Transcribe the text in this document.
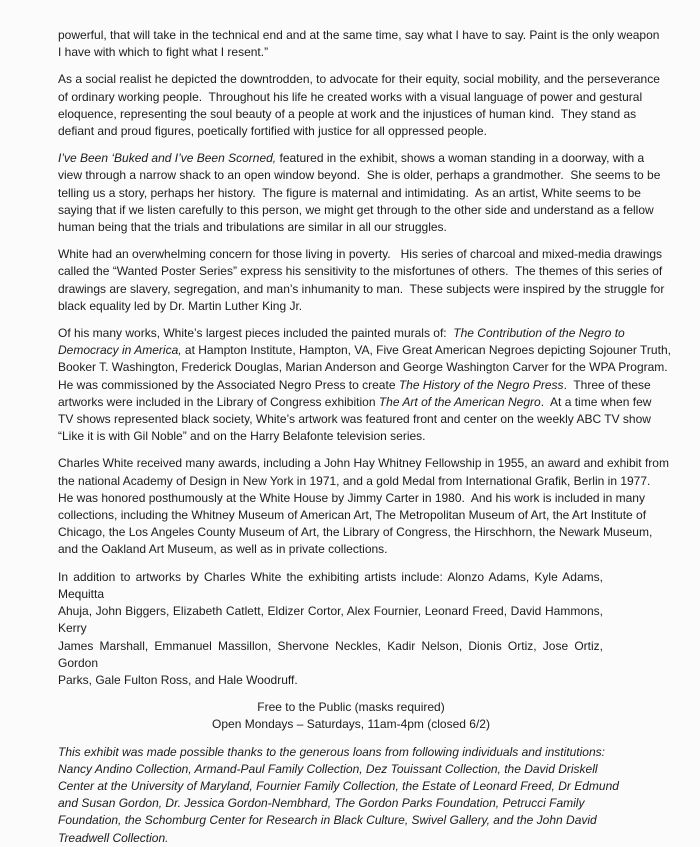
powerful, that will take in the technical end and at the same time, say what I have to say. Paint is the only weapon
I have with which to fight what I resent.”
As a social realist he depicted the downtrodden, to advocate for their equity, social mobility, and the perseverance
of ordinary working people.  Throughout his life he created works with a visual language of power and gestural
eloquence, representing the soul beauty of a people at work and the injustices of human kind.  They stand as
defiant and proud figures, poetically fortified with justice for all oppressed people.
I’ve Been ‘Buked and I’ve Been Scorned, featured in the exhibit, shows a woman standing in a doorway, with a
view through a narrow shack to an open window beyond.  She is older, perhaps a grandmother.  She seems to be
telling us a story, perhaps her history.  The figure is maternal and intimidating.  As an artist, White seems to be
saying that if we listen carefully to this person, we might get through to the other side and understand as a fellow
human being that the trials and tribulations are similar in all our struggles.
White had an overwhelming concern for those living in poverty.   His series of charcoal and mixed-media drawings
called the “Wanted Poster Series” express his sensitivity to the misfortunes of others.  The themes of this series of
drawings are slavery, segregation, and man’s inhumanity to man.  These subjects were inspired by the struggle for
black equality led by Dr. Martin Luther King Jr.
Of his many works, White’s largest pieces included the painted murals of:  The Contribution of the Negro to
Democracy in America, at Hampton Institute, Hampton, VA, Five Great American Negroes depicting Sojouner Truth,
Booker T. Washington, Frederick Douglas, Marian Anderson and George Washington Carver for the WPA Program.
He was commissioned by the Associated Negro Press to create The History of the Negro Press.  Three of these
artworks were included in the Library of Congress exhibition The Art of the American Negro.  At a time when few
TV shows represented black society, White’s artwork was featured front and center on the weekly ABC TV show
“Like it is with Gil Noble” and on the Harry Belafonte television series.
Charles White received many awards, including a John Hay Whitney Fellowship in 1955, an award and exhibit from
the national Academy of Design in New York in 1971, and a gold Medal from International Grafik, Berlin in 1977.
He was honored posthumously at the White House by Jimmy Carter in 1980.  And his work is included in many
collections, including the Whitney Museum of American Art, The Metropolitan Museum of Art, the Art Institute of
Chicago, the Los Angeles County Museum of Art, the Library of Congress, the Hirschhorn, the Newark Museum,
and the Oakland Art Museum, as well as in private collections.
In addition to artworks by Charles White the exhibiting artists include: Alonzo Adams, Kyle Adams, Mequitta
Ahuja, John Biggers, Elizabeth Catlett, Eldizer Cortor, Alex Fournier, Leonard Freed, David Hammons, Kerry
James Marshall, Emmanuel Massillon, Shervone Neckles, Kadir Nelson, Dionis Ortiz, Jose Ortiz, Gordon
Parks, Gale Fulton Ross, and Hale Woodruff.
Free to the Public (masks required)
Open Mondays – Saturdays, 11am-4pm (closed 6/2)
This exhibit was made possible thanks to the generous loans from following individuals and institutions:
Nancy Andino Collection, Armand-Paul Family Collection, Dez Touissant Collection, the David Driskell
Center at the University of Maryland, Fournier Family Collection, the Estate of Leonard Freed, Dr Edmund
and Susan Gordon, Dr. Jessica Gordon-Nembhard, The Gordon Parks Foundation, Petrucci Family
Foundation, the Schomburg Center for Research in Black Culture, Swivel Gallery, and the John David
Treadwell Collection.
